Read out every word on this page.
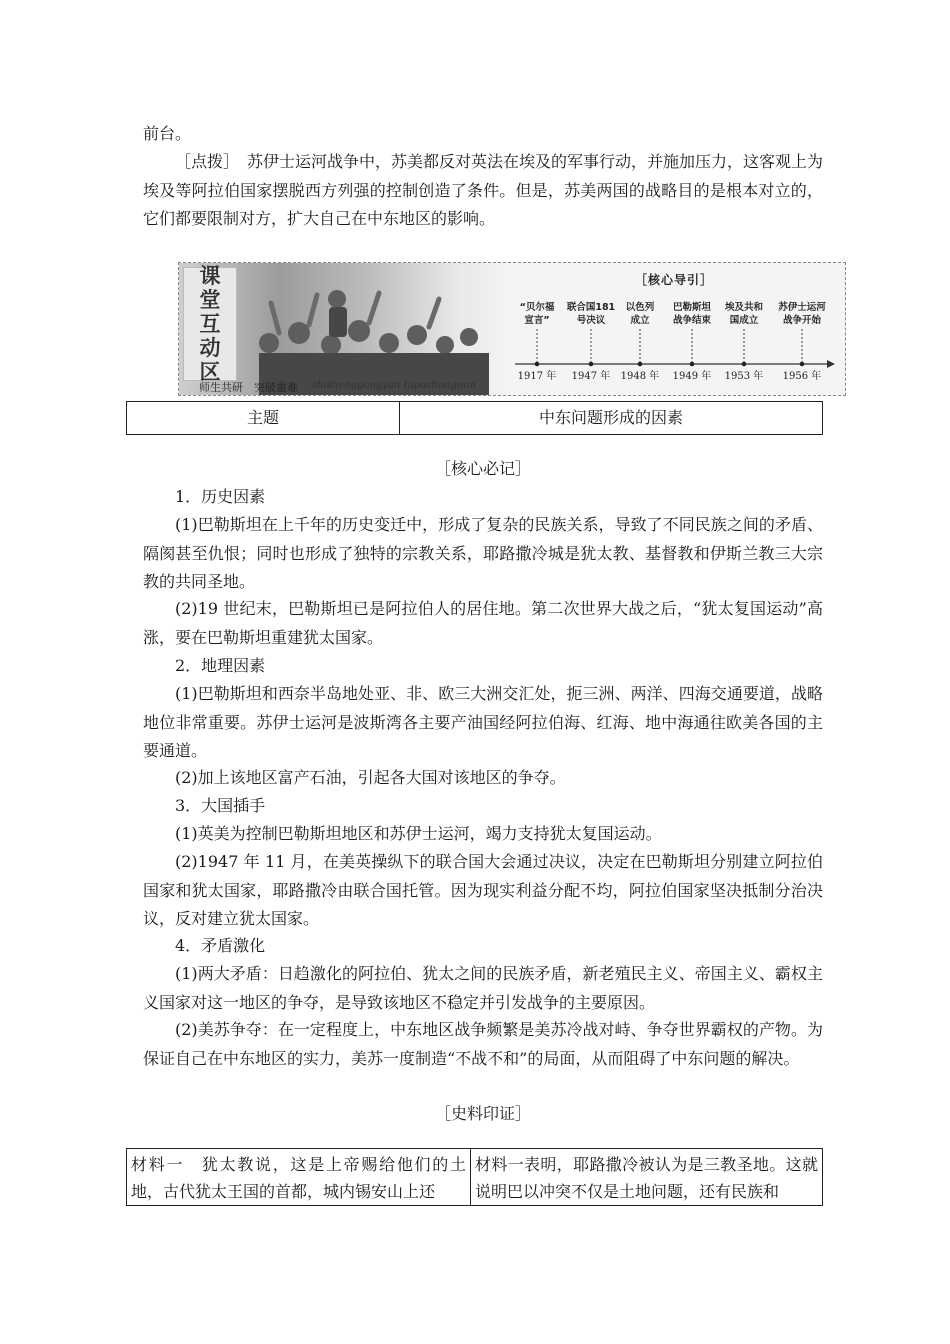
前台。

［点拨］　苏伊士运河战争中，苏美都反对英法在埃及的军事行动，并施加压力，这客观上为埃及等阿拉伯国家摆脱西方列强的控制创造了条件。但是，苏美两国的战略目的是根本对立的，它们都要限制对方，扩大自己在中东地区的影响。

课
堂
互
动
区
师生共研　突破重难 shishenggongyan tupozhongnan
［核心导引］
“贝尔福
宣言”
1917 年
联合国181
号决议
1947 年
以色列
成立
1948 年
巴勒斯坦
战争结束
1949 年
埃及共和
国成立
1953 年
苏伊士运河
战争开始
1956 年
主题	中东问题形成的因素

［核心必记］

1．历史因素

(1)巴勒斯坦在上千年的历史变迁中，形成了复杂的民族关系，导致了不同民族之间的矛盾、隔阂甚至仇恨；同时也形成了独特的宗教关系，耶路撒冷城是犹太教、基督教和伊斯兰教三大宗教的共同圣地。

(2)19 世纪末，巴勒斯坦已是阿拉伯人的居住地。第二次世界大战之后，“犹太复国运动”高涨，要在巴勒斯坦重建犹太国家。

2．地理因素

(1)巴勒斯坦和西奈半岛地处亚、非、欧三大洲交汇处，扼三洲、两洋、四海交通要道，战略地位非常重要。苏伊士运河是波斯湾各主要产油国经阿拉伯海、红海、地中海通往欧美各国的主要通道。

(2)加上该地区富产石油，引起各大国对该地区的争夺。

3．大国插手

(1)英美为控制巴勒斯坦地区和苏伊士运河，竭力支持犹太复国运动。

(2)1947 年 11 月，在美英操纵下的联合国大会通过决议，决定在巴勒斯坦分别建立阿拉伯国家和犹太国家，耶路撒冷由联合国托管。因为现实利益分配不均，阿拉伯国家坚决抵制分治决议，反对建立犹太国家。

4．矛盾激化

(1)两大矛盾：日趋激化的阿拉伯、犹太之间的民族矛盾，新老殖民主义、帝国主义、霸权主义国家对这一地区的争夺，是导致该地区不稳定并引发战争的主要原因。

(2)美苏争夺：在一定程度上，中东地区战争频繁是美苏冷战对峙、争夺世界霸权的产物。为保证自己在中东地区的实力，美苏一度制造“不战不和”的局面，从而阻碍了中东问题的解决。

［史料印证］

材料一　犹太教说，这是上帝赐给他们的土地，古代犹太王国的首都，城内锡安山上还	材料一表明，耶路撒冷被认为是三教圣地。这就说明巴以冲突不仅是土地问题，还有民族和
